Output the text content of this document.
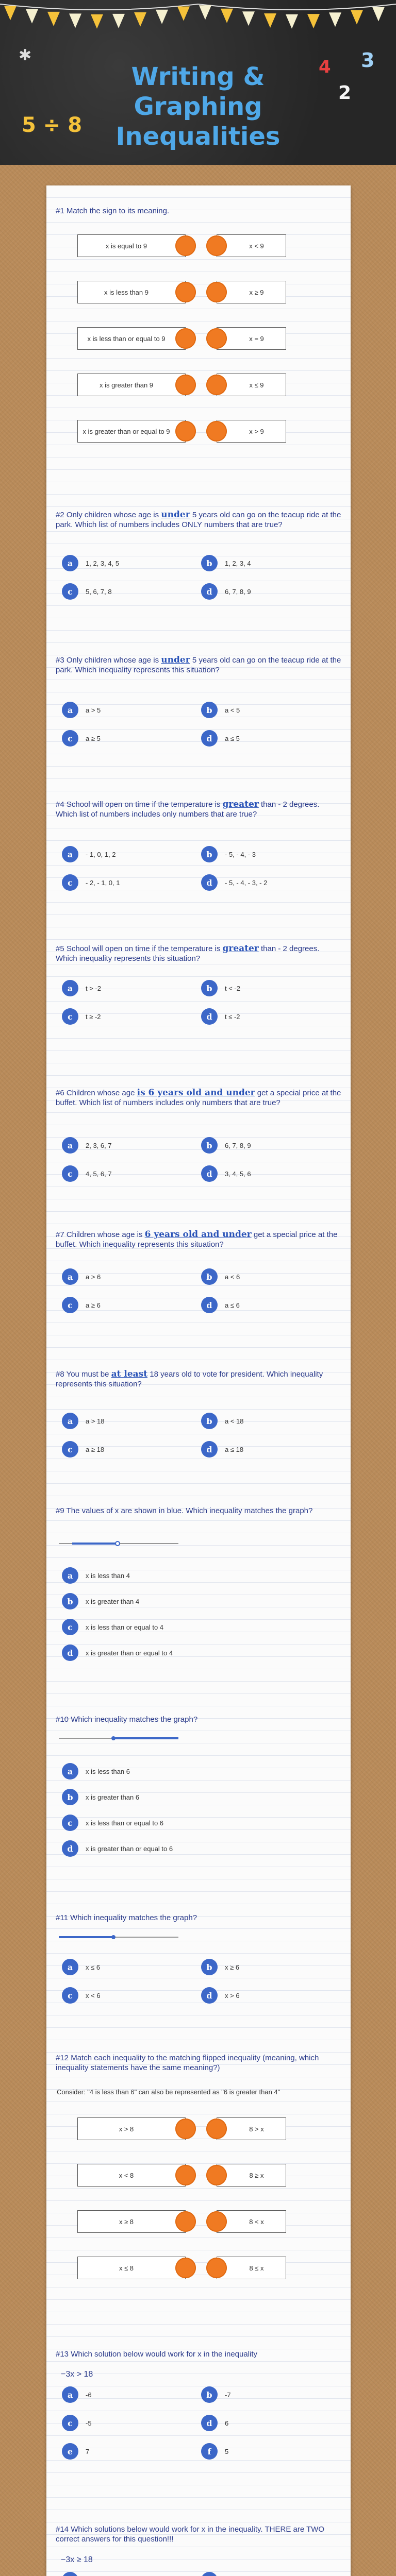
5 ÷ 8
4 3
2
✱
Writing & Graphing Inequalities
#1 Match the sign to its meaning.
x is equal to 9	x < 9
x is less than 9	x ≥ 9
x is less than or equal to 9	x = 9
x is greater than 9	x ≤ 9
x is greater than or equal to 9	x > 9
#2 Only children whose age is under 5 years old can go on the teacup ride at the park. Which list of numbers includes ONLY numbers that are true?
a	1, 2, 3, 4, 5	b	1, 2, 3, 4
c	5, 6, 7, 8	d	6, 7, 8, 9
#3 Only children whose age is under 5 years old can go on the teacup ride at the park. Which inequality represents this situation?
a	a > 5	b	a < 5
c	a ≥ 5	d	a ≤ 5
#4 School will open on time if the temperature is greater than - 2 degrees. Which list of numbers includes only numbers that are true?
a	- 1, 0, 1, 2	b	- 5, - 4, - 3
c	- 2, - 1, 0, 1	d	- 5, - 4, - 3, - 2
#5 School will open on time if the temperature is greater than - 2 degrees. Which inequality represents this situation?
a	t > -2	b	t < -2
c	t ≥ -2	d	t ≤ -2
#6 Children whose age is 6 years old and under get a special price at the buffet. Which list of numbers includes only numbers that are true?
a	2, 3, 6, 7	b	6, 7, 8, 9
c	4, 5, 6, 7	d	3, 4, 5, 6
#7 Children whose age is 6 years old and under get a special price at the buffet. Which inequality represents this situation?
a	a > 6	b	a < 6
c	a ≥ 6	d	a ≤ 6
#8 You must be at least 18 years old to vote for president. Which inequality represents this situation?
a	a > 18	b	a < 18
c	a ≥ 18	d	a ≤ 18
#9 The values of x are shown in blue. Which inequality matches the graph?
a	x is less than 4
b	x is greater than 4
c	x is less than or equal to 4
d	x is greater than or equal to 4
#10 Which inequality matches the graph?
a	x is less than 6
b	x is greater than 6
c	x is less than or equal to 6
d	x is greater than or equal to 6
#11 Which inequality matches the graph?
a	x ≤ 6	b	x ≥ 6
c	x < 6	d	x > 6
#12 Match each inequality to the matching flipped inequality (meaning, which inequality statements have the same meaning?)
Consider: "4 is less than 6" can also be represented as "6 is greater than 4"
x > 8	8 > x
x < 8	8 ≥ x
x ≥ 8	8 < x
x ≤ 8	8 ≤ x
#13 Which solution below would work for x in the inequality
−3x > 18
a	-6	b	-7
c	-5	d	6
e	7	f	5
#14 Which solutions below would work for x in the inequality. THERE are TWO correct answers for this question!!!
−3x ≥ 18
